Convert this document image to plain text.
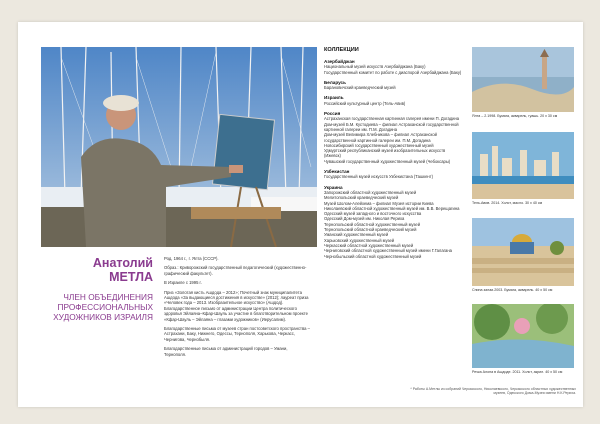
Анатолий
МЕТЛА
ЧЛЕН ОБЪЕДИНЕНИЯ ПРОФЕССИОНАЛЬНЫХ ХУДОЖНИКОВ ИЗРАИЛЯ

Род. 1964 г., г. Ялта (СССР).

Образ.: Криворожский государственный педагогический (художественно-графический факультет).

В Израиле с 1995 г.

Приз «Золотая кисть Ашдода – 2012»; Почетный знак муниципалитета Ашдода «За выдающиеся достижения в искусстве» (2012); лауреат приза «Человек года – 2013. Изобразительное искусство» (Ашдод). Благодарственное письмо от администрации Центра политического здоровья Эйлаяна–Кфар-Шауль за участие в благотворительном проекте «Кфар-Шауль – Эйлаяна – глазами художников» (Иерусалим).

Благодарственные письма от музеев стран постсоветского пространства – Астрахани, Баку, Нижнего, Одессы, Тернополя, Харькова, Черкасс, Чернигова, Чернобыля.

Благодарственные письма от администраций городов – Умани, Тернополя.

КОЛЛЕКЦИИ
Азербайджан
Национальный музей искусств Азербайджана (Баку)
Государственный комитет по работе с диаспорой Азербайджана (Баку)
Беларусь
Барановичский краеведческий музей
Израиль
Российский культурный центр (Тель-Авив)
Россия
Астраханская государственная картинная галерея имени П. Догадина
Дом-музей Б.М. Кустодиева – филиал Астраханской государственной картинной галереи им. П.М. Догадина
Дом-музей Велимира Хлебникова – филиал Астраханской государственной картинной галереи им. П.М. Догадина
Новосибирский государственный художественный музей
Удмуртский республиканский музей изобразительных искусств (Ижевск)
Чувашский государственный художественный музей (Чебоксары)
Узбекистан
Государственный музей искусств Узбекистана (Ташкент)
Украина
Запорожский областной художественный музей
Мелитопольский краеведческий музей
Музей Шолом-Алейхема – филиал Музея истории Киева
Николаевский областной художественный музей им. В.В. Верещагина
Одесский музей западного и восточного искусства
Одесский Дом-музей им. Николая Рериха
Тернопольский областной художественный музей
Тернопольский областной краеведческий музей
Уманский художественный музей
Харьковский художественный музей
Черкасский областной художественный музей
Черниговский областной художественный музей имени Г.Галагана
Чернобыльский областной художественный музей
Ялта – 2.1998. Бумага, акварель, гуашь. 20 x 30 см
Тель-Авив. 2014. Холст, масло. 30 x 40 см
Спина залаи.2003. Бумага, акварель. 40 x 50 см
Речка Алона в Ашдоде. 2011. Холст, акрил. 40 x 50 см
* Работы А.Метлы из собраний Черкасского, Николаевского, Черкасского областных художественных музеев, Одесского Дома-Музея имени Н.К.Рериха.
